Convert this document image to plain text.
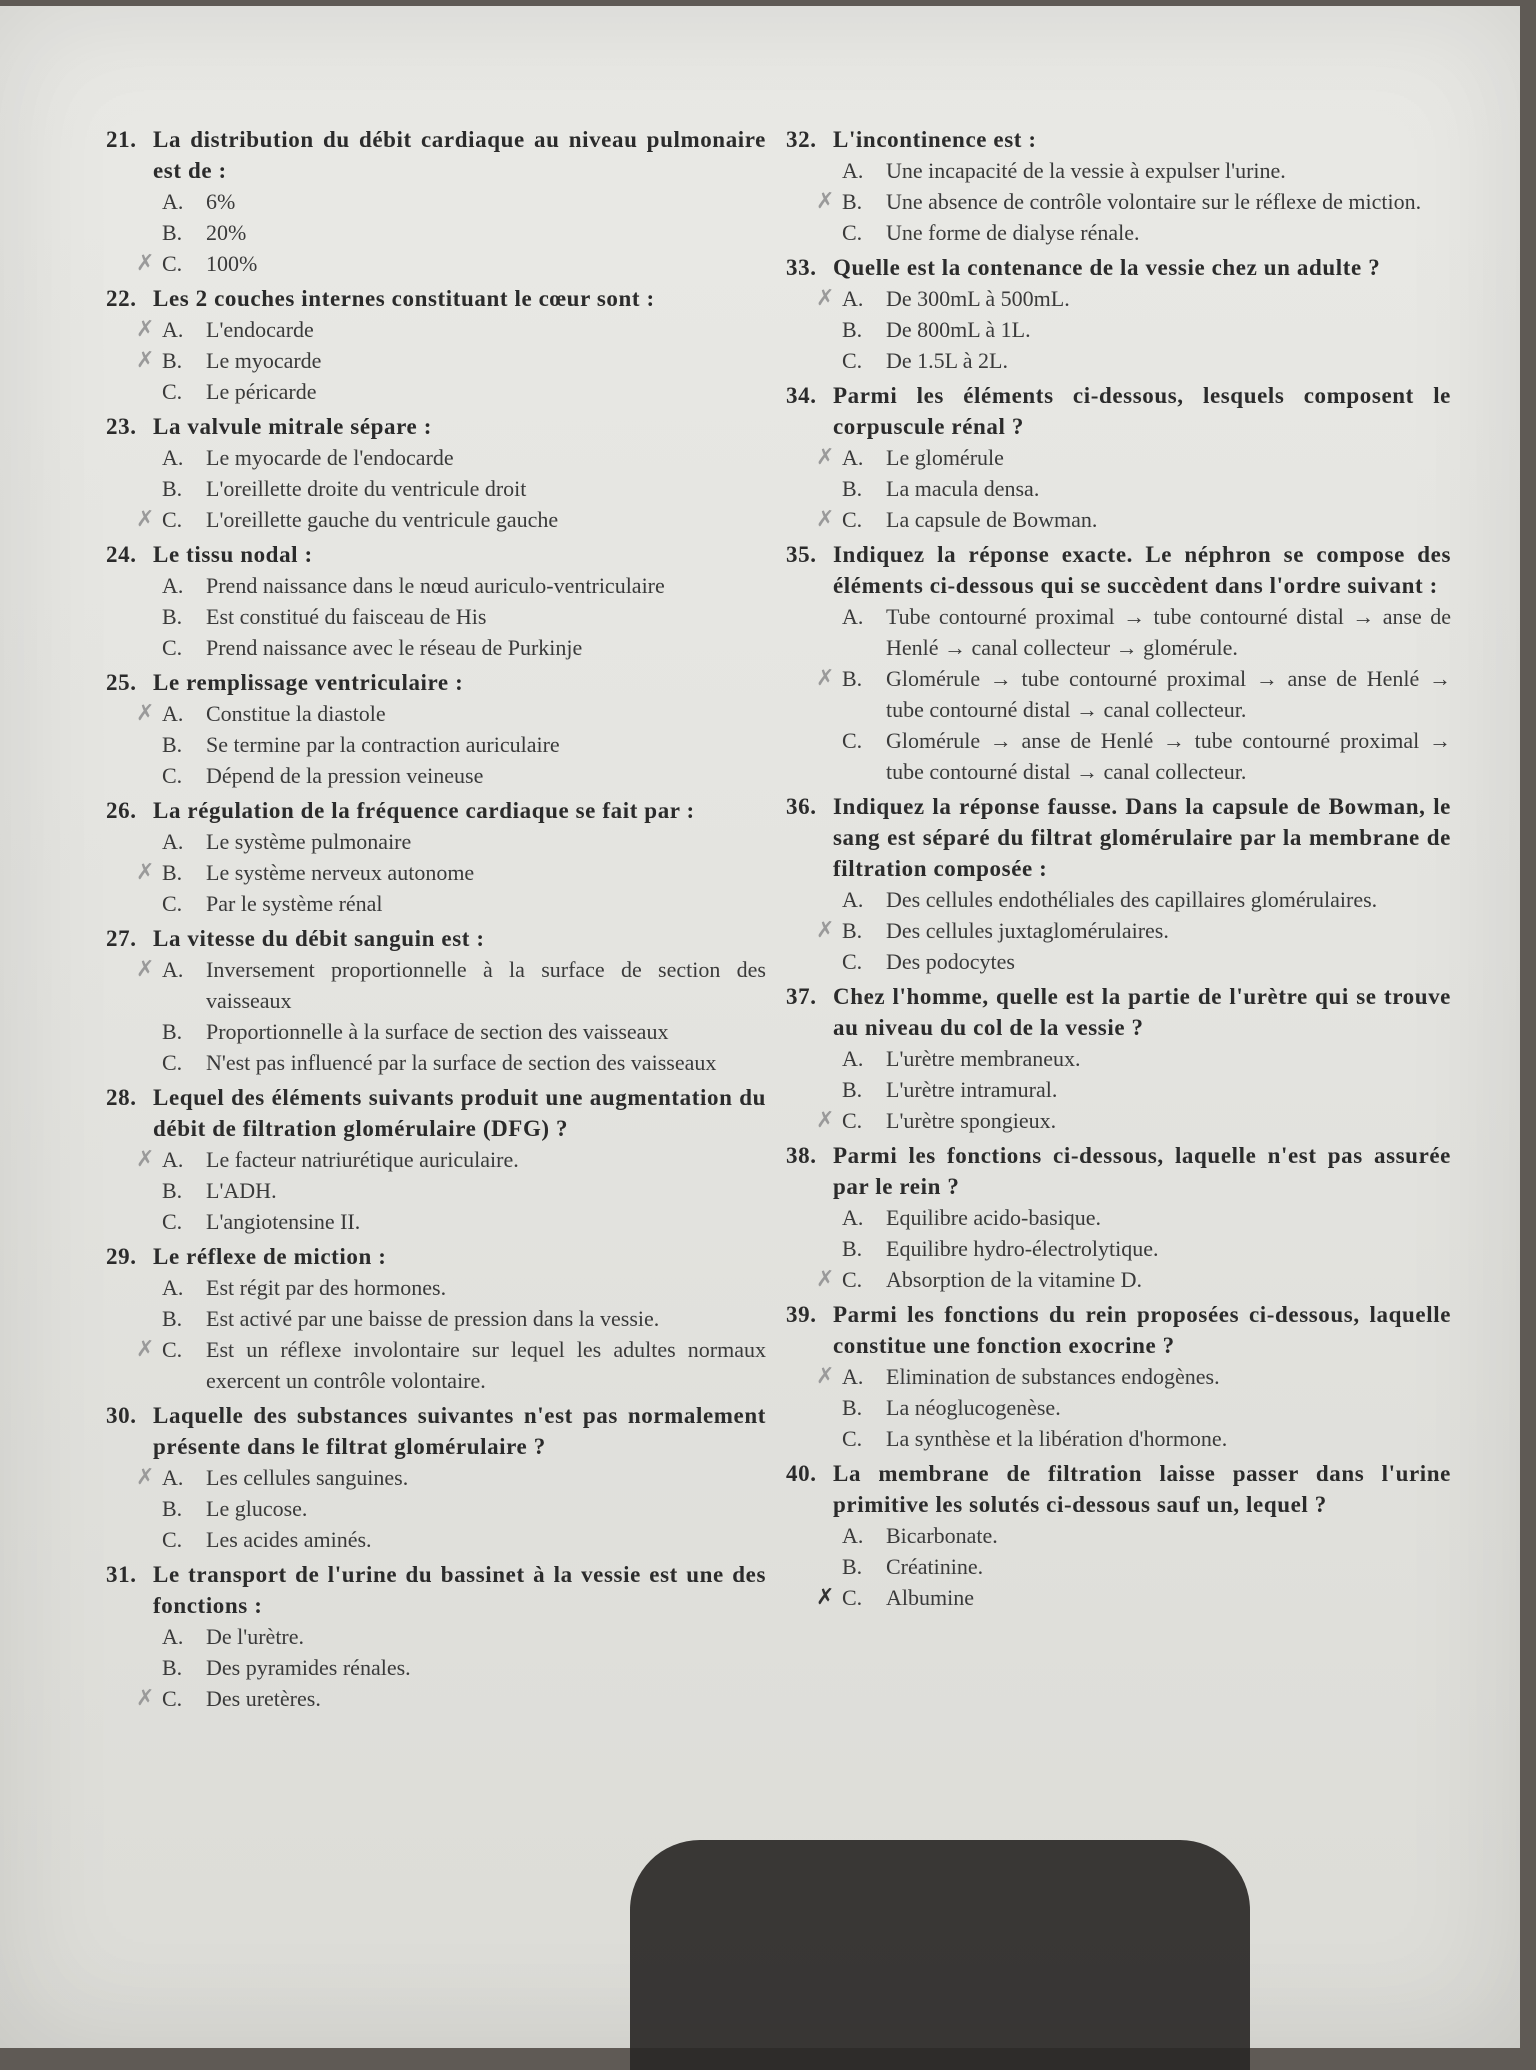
21. La distribution du débit cardiaque au niveau pulmonaire est de :
A.	6%
B.	20%
✗ C.	100%
22. Les 2 couches internes constituant le cœur sont :
✗ A.	L'endocarde
✗ B.	Le myocarde
C.	Le péricarde
23. La valvule mitrale sépare :
A.	Le myocarde de l'endocarde
B.	L'oreillette droite du ventricule droit
✗ C.	L'oreillette gauche du ventricule gauche
24. Le tissu nodal :
A.	Prend naissance dans le nœud auriculo-ventriculaire
B.	Est constitué du faisceau de His
C.	Prend naissance avec le réseau de Purkinje
25. Le remplissage ventriculaire :
✗ A.	Constitue la diastole
B.	Se termine par la contraction auriculaire
C.	Dépend de la pression veineuse
26. La régulation de la fréquence cardiaque se fait par :
A.	Le système pulmonaire
✗ B.	Le système nerveux autonome
C.	Par le système rénal
27. La vitesse du débit sanguin est :
✗ A.	Inversement proportionnelle à la surface de section des vaisseaux
B.	Proportionnelle à la surface de section des vaisseaux
C.	N'est pas influencé par la surface de section des vaisseaux
28. Lequel des éléments suivants produit une augmentation du débit de filtration glomérulaire (DFG) ?
✗ A.	Le facteur natriurétique auriculaire.
B.	L'ADH.
C.	L'angiotensine II.
29. Le réflexe de miction :
A.	Est régit par des hormones.
B.	Est activé par une baisse de pression dans la vessie.
✗ C.	Est un réflexe involontaire sur lequel les adultes normaux exercent un contrôle volontaire.
30. Laquelle des substances suivantes n'est pas normalement présente dans le filtrat glomérulaire ?
✗ A.	Les cellules sanguines.
B.	Le glucose.
C.	Les acides aminés.
31. Le transport de l'urine du bassinet à la vessie est une des fonctions :
A.	De l'urètre.
B.	Des pyramides rénales.
✗ C.	Des uretères.
32. L'incontinence est :
A.	Une incapacité de la vessie à expulser l'urine.
✗ B.	Une absence de contrôle volontaire sur le réflexe de miction.
C.	Une forme de dialyse rénale.
33. Quelle est la contenance de la vessie chez un adulte ?
✗ A.	De 300mL à 500mL.
B.	De 800mL à 1L.
C.	De 1.5L à 2L.
34. Parmi les éléments ci-dessous, lesquels composent le corpuscule rénal ?
✗ A.	Le glomérule
B.	La macula densa.
✗ C.	La capsule de Bowman.
35. Indiquez la réponse exacte. Le néphron se compose des éléments ci-dessous qui se succèdent dans l'ordre suivant :
A.	Tube contourné proximal → tube contourné distal → anse de Henlé → canal collecteur → glomérule.
✗ B.	Glomérule → tube contourné proximal → anse de Henlé → tube contourné distal → canal collecteur.
C.	Glomérule → anse de Henlé → tube contourné proximal → tube contourné distal → canal collecteur.
36. Indiquez la réponse fausse. Dans la capsule de Bowman, le sang est séparé du filtrat glomérulaire par la membrane de filtration composée :
A.	Des cellules endothéliales des capillaires glomérulaires.
✗ B.	Des cellules juxtaglomérulaires.
C.	Des podocytes
37. Chez l'homme, quelle est la partie de l'urètre qui se trouve au niveau du col de la vessie ?
A.	L'urètre membraneux.
B.	L'urètre intramural.
✗ C.	L'urètre spongieux.
38. Parmi les fonctions ci-dessous, laquelle n'est pas assurée par le rein ?
A.	Equilibre acido-basique.
B.	Equilibre hydro-électrolytique.
✗ C.	Absorption de la vitamine D.
39. Parmi les fonctions du rein proposées ci-dessous, laquelle constitue une fonction exocrine ?
✗ A.	Elimination de substances endogènes.
B.	La néoglucogenèse.
C.	La synthèse et la libération d'hormone.
40. La membrane de filtration laisse passer dans l'urine primitive les solutés ci-dessous sauf un, lequel ?
A.	Bicarbonate.
B.	Créatinine.
✗ C.	Albumine
